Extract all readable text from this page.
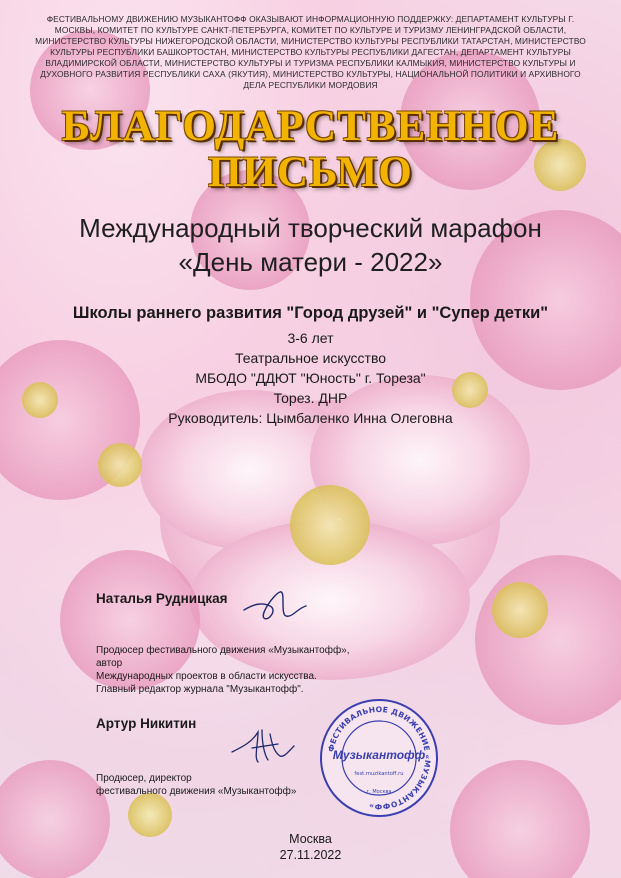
ФЕСТИВАЛЬНОМУ ДВИЖЕНИЮ МУЗЫКАНТОФФ ОКАЗЫВАЮТ ИНФОРМАЦИОННУЮ ПОДДЕРЖКУ: ДЕПАРТАМЕНТ КУЛЬТУРЫ Г. МОСКВЫ, КОМИТЕТ ПО КУЛЬТУРЕ САНКТ-ПЕТЕРБУРГА, КОМИТЕТ ПО КУЛЬТУРЕ И ТУРИЗМУ ЛЕНИНГРАДСКОЙ ОБЛАСТИ, МИНИСТЕРСТВО КУЛЬТУРЫ НИЖЕГОРОДСКОЙ ОБЛАСТИ, МИНИСТЕРСТВО КУЛЬТУРЫ РЕСПУБЛИКИ ТАТАРСТАН, МИНИСТЕРСТВО КУЛЬТУРЫ РЕСПУБЛИКИ БАШКОРТОСТАН, МИНИСТЕРСТВО КУЛЬТУРЫ РЕСПУБЛИКИ ДАГЕСТАН, ДЕПАРТАМЕНТ КУЛЬТУРЫ ВЛАДИМИРСКОЙ ОБЛАСТИ, МИНИСТЕРСТВО КУЛЬТУРЫ И ТУРИЗМА РЕСПУБЛИКИ КАЛМЫКИЯ, МИНИСТЕРСТВО КУЛЬТУРЫ И ДУХОВНОГО РАЗВИТИЯ РЕСПУБЛИКИ САХА (ЯКУТИЯ), МИНИСТЕРСТВО КУЛЬТУРЫ, НАЦИОНАЛЬНОЙ ПОЛИТИКИ И АРХИВНОГО ДЕЛА РЕСПУБЛИКИ МОРДОВИЯ
БЛАГОДАРСТВЕННОЕ
ПИСЬМО
Международный творческий марафон
«День матери - 2022»
Школы раннего развития "Город друзей" и "Супер детки"
3-6 лет
Театральное искусство
МБОДО "ДДЮТ "Юность" г. Тореза"
Торез. ДНР
Руководитель: Цымбаленко Инна Олеговна
Наталья Рудницкая
Продюсер фестивального движения «Музыкантофф», автор
Международных проектов в области искусства.
Главный редактор журнала "Музыкантофф".
Артур Никитин
Продюсер, директор
фестивального движения «Музыкантофф»
ФЕСТИВАЛЬНОЕ ДВИЖЕНИЕ «МУЗЫКАНТОФФ»
г. Москва
Музыкантофф
fest.muzikantoff.ru
Москва
27.11.2022
